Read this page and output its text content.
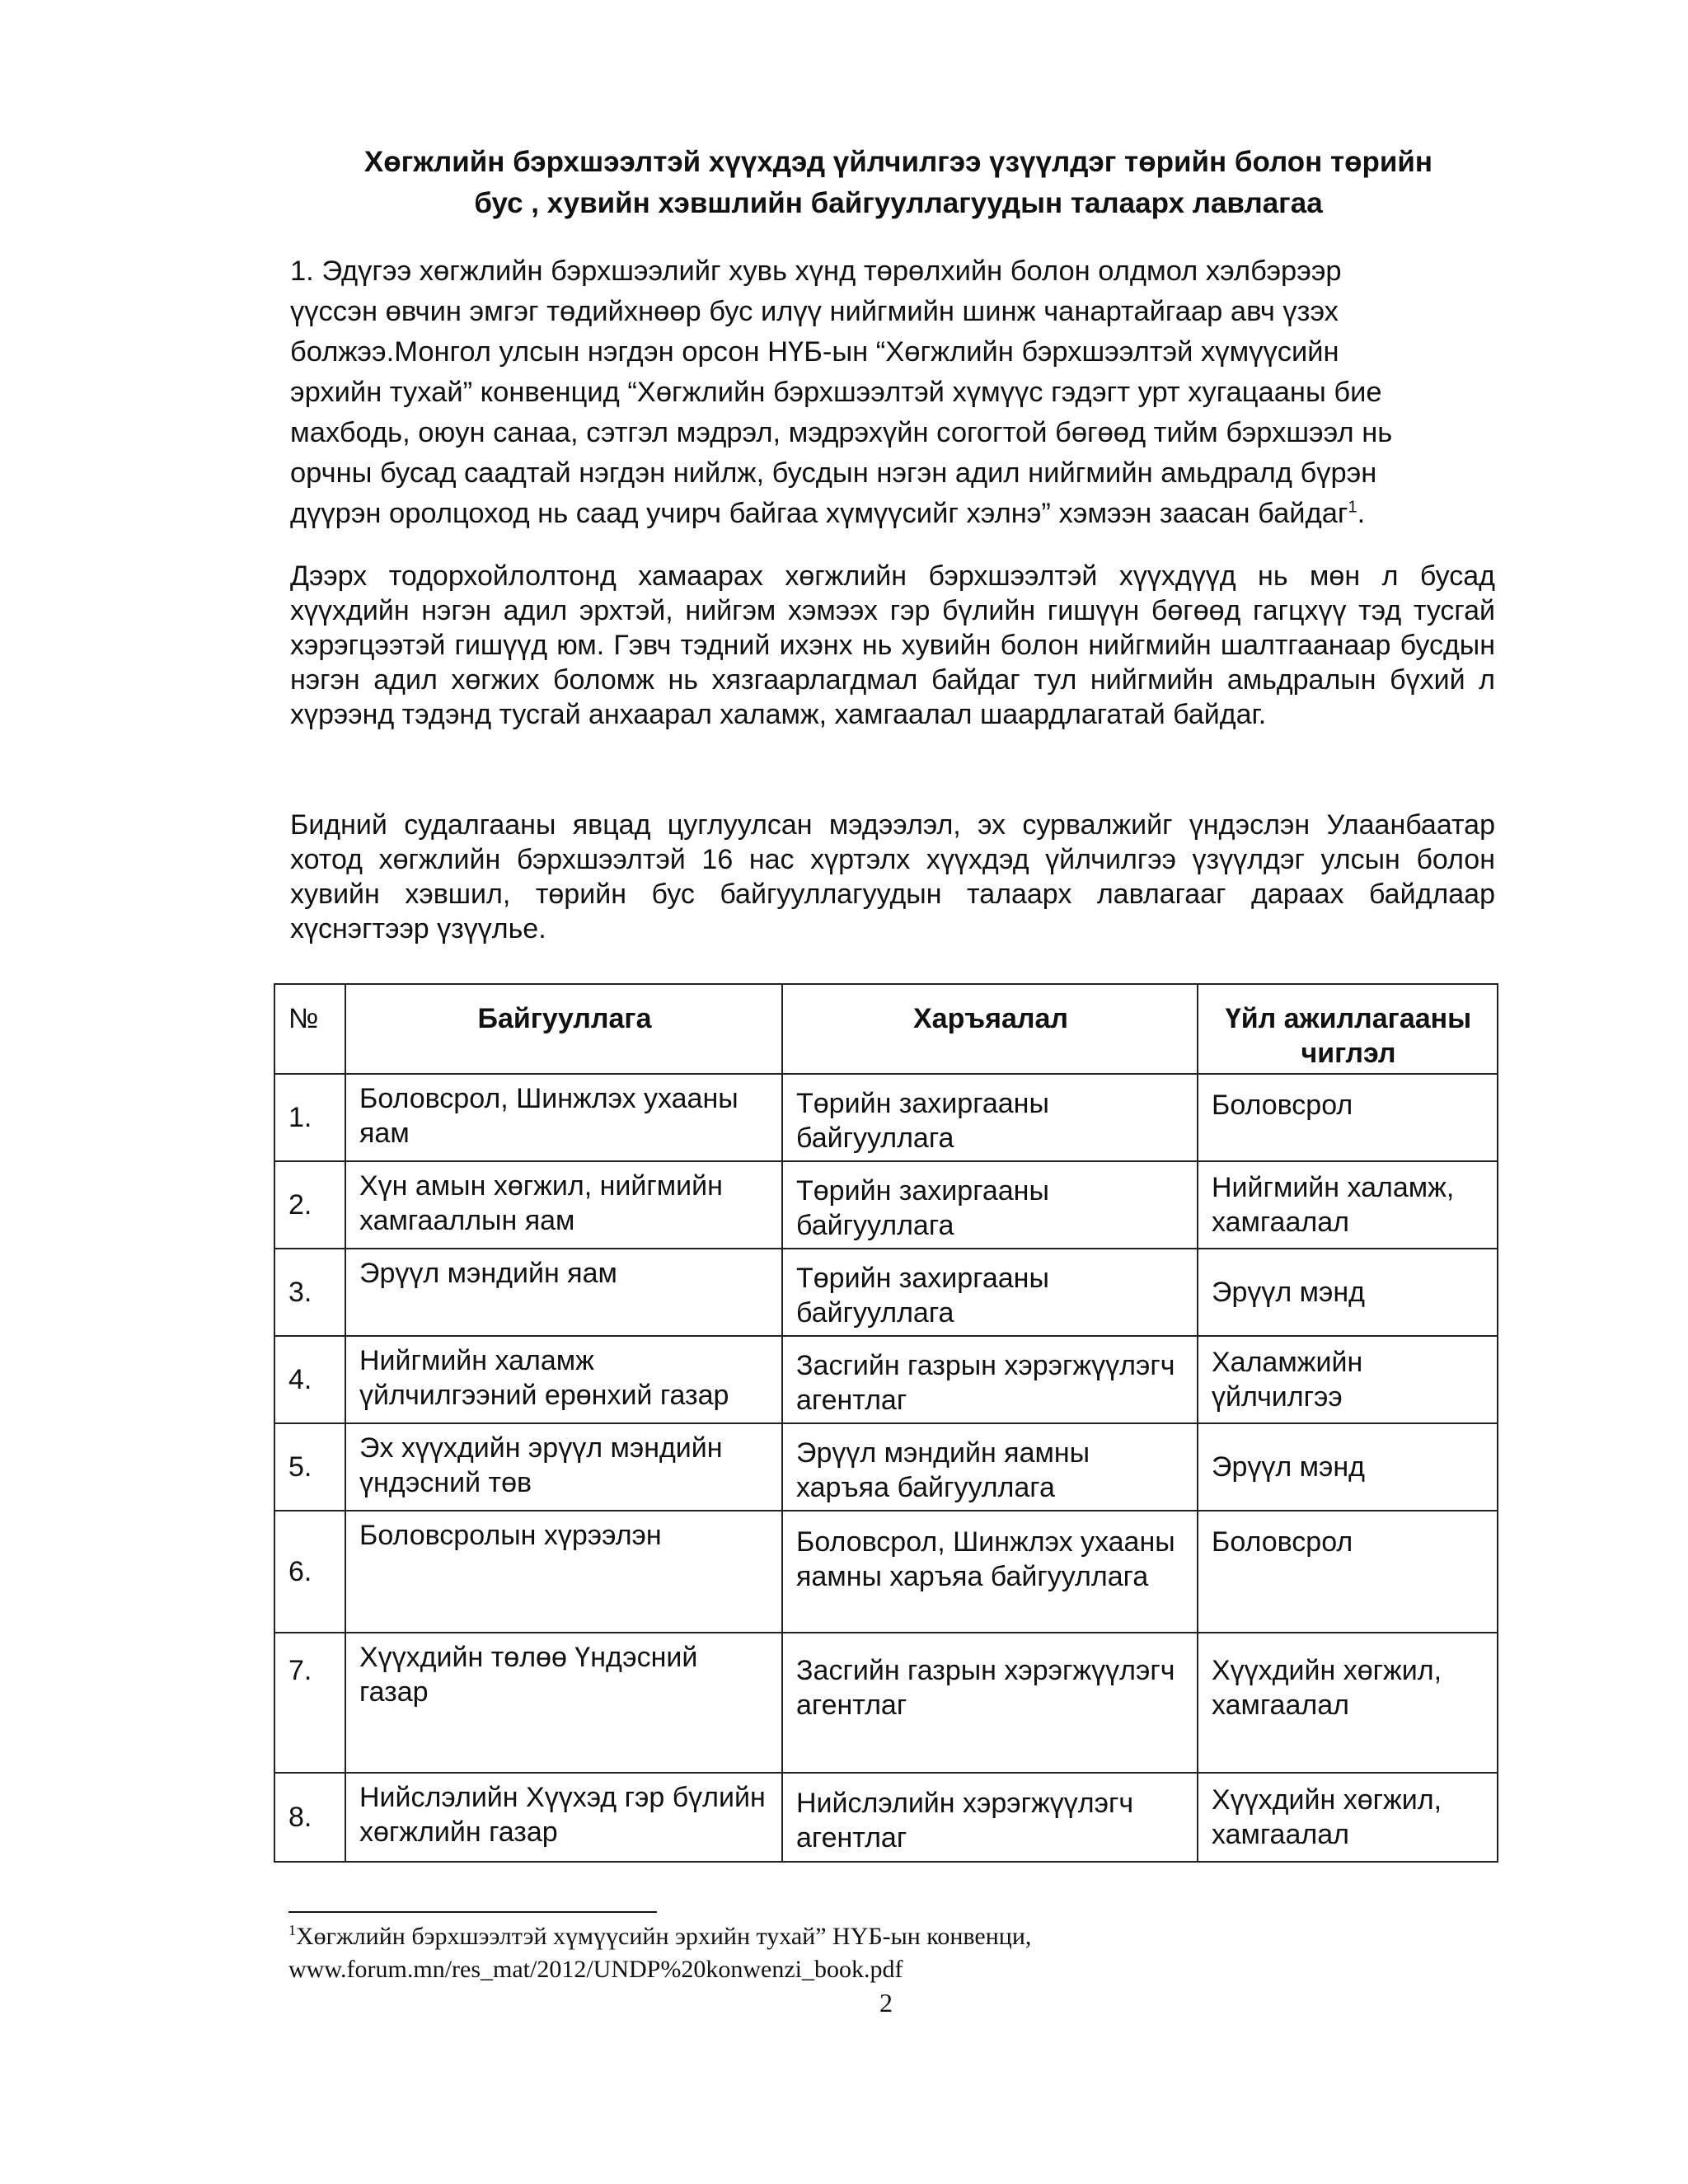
Хөгжлийн бэрхшээлтэй хүүхдэд үйлчилгээ үзүүлдэг төрийн болон төрийн
бус , хувийн хэвшлийн байгууллагуудын талаарх лавлагаа

1. Эдүгээ хөгжлийн бэрхшээлийг хувь хүнд төрөлхийн болон олдмол хэлбэрээр
үүссэн өвчин эмгэг төдийхнөөр бус илүү нийгмийн шинж чанартайгаар авч үзэх
болжээ.Монгол улсын нэгдэн орсон НҮБ-ын “Хөгжлийн бэрхшээлтэй хүмүүсийн
эрхийн тухай” конвенцид “Хөгжлийн бэрхшээлтэй хүмүүс гэдэгт урт хугацааны бие
махбодь, оюун санаа, сэтгэл мэдрэл, мэдрэхүйн согогтой бөгөөд тийм бэрхшээл нь
орчны бусад саадтай нэгдэн нийлж, бусдын нэгэн адил нийгмийн амьдралд бүрэн
дүүрэн оролцоход нь саад учирч байгаа хүмүүсийг хэлнэ” хэмээн заасан байдаг$^1$.

Дээрх тодорхойлолтонд хамаарах хөгжлийн бэрхшээлтэй хүүхдүүд нь мөн л бусад хүүхдийн нэгэн адил эрхтэй, нийгэм хэмээх гэр бүлийн гишүүн бөгөөд гагцхүү тэд тусгай хэрэгцээтэй гишүүд юм. Гэвч тэдний ихэнх нь хувийн болон нийгмийн шалтгаанаар бусдын нэгэн адил хөгжих боломж нь хязгаарлагдмал байдаг тул нийгмийн амьдралын бүхий л хүрээнд тэдэнд тусгай анхаарал халамж, хамгаалал шаардлагатай байдаг.

Бидний судалгааны явцад цуглуулсан мэдээлэл, эх сурвалжийг үндэслэн Улаанбаатар хотод хөгжлийн бэрхшээлтэй 16 нас хүртэлх хүүхдэд үйлчилгээ үзүүлдэг улсын болон хувийн хэвшил, төрийн бус байгууллагуудын талаарх лавлагааг дараах байдлаар хүснэгтээр үзүүлье.

№	Байгууллага	Харъяалал	Үйл ажиллагааны чиглэл
1.	Боловсрол, Шинжлэх ухааны яам	Төрийн захиргааны байгууллага	Боловсрол
2.	Хүн амын хөгжил, нийгмийн хамгааллын яам	Төрийн захиргааны байгууллага	Нийгмийн халамж, хамгаалал
3.	Эрүүл мэндийн яам	Төрийн захиргааны байгууллага	Эрүүл мэнд
4.	Нийгмийн халамж үйлчилгээний ерөнхий газар	Засгийн газрын хэрэгжүүлэгч агентлаг	Халамжийн үйлчилгээ
5.	Эх хүүхдийн эрүүл мэндийн үндэсний төв	Эрүүл мэндийн яамны харъяа байгууллага	Эрүүл мэнд
6.	Боловсролын хүрээлэн	Боловсрол, Шинжлэх ухааны яамны харъяа байгууллага	Боловсрол
7.	Хүүхдийн төлөө Үндэсний газар	Засгийн газрын хэрэгжүүлэгч агентлаг	Хүүхдийн хөгжил, хамгаалал
8.	Нийслэлийн Хүүхэд гэр бүлийн хөгжлийн газар	Нийслэлийн хэрэгжүүлэгч агентлаг	Хүүхдийн хөгжил, хамгаалал

$^1$Хөгжлийн бэрхшээлтэй хүмүүсийн эрхийн тухай” НҮБ-ын конвенци,
www.forum.mn/res_mat/2012/UNDP%20konwenzi_book.pdf

2
